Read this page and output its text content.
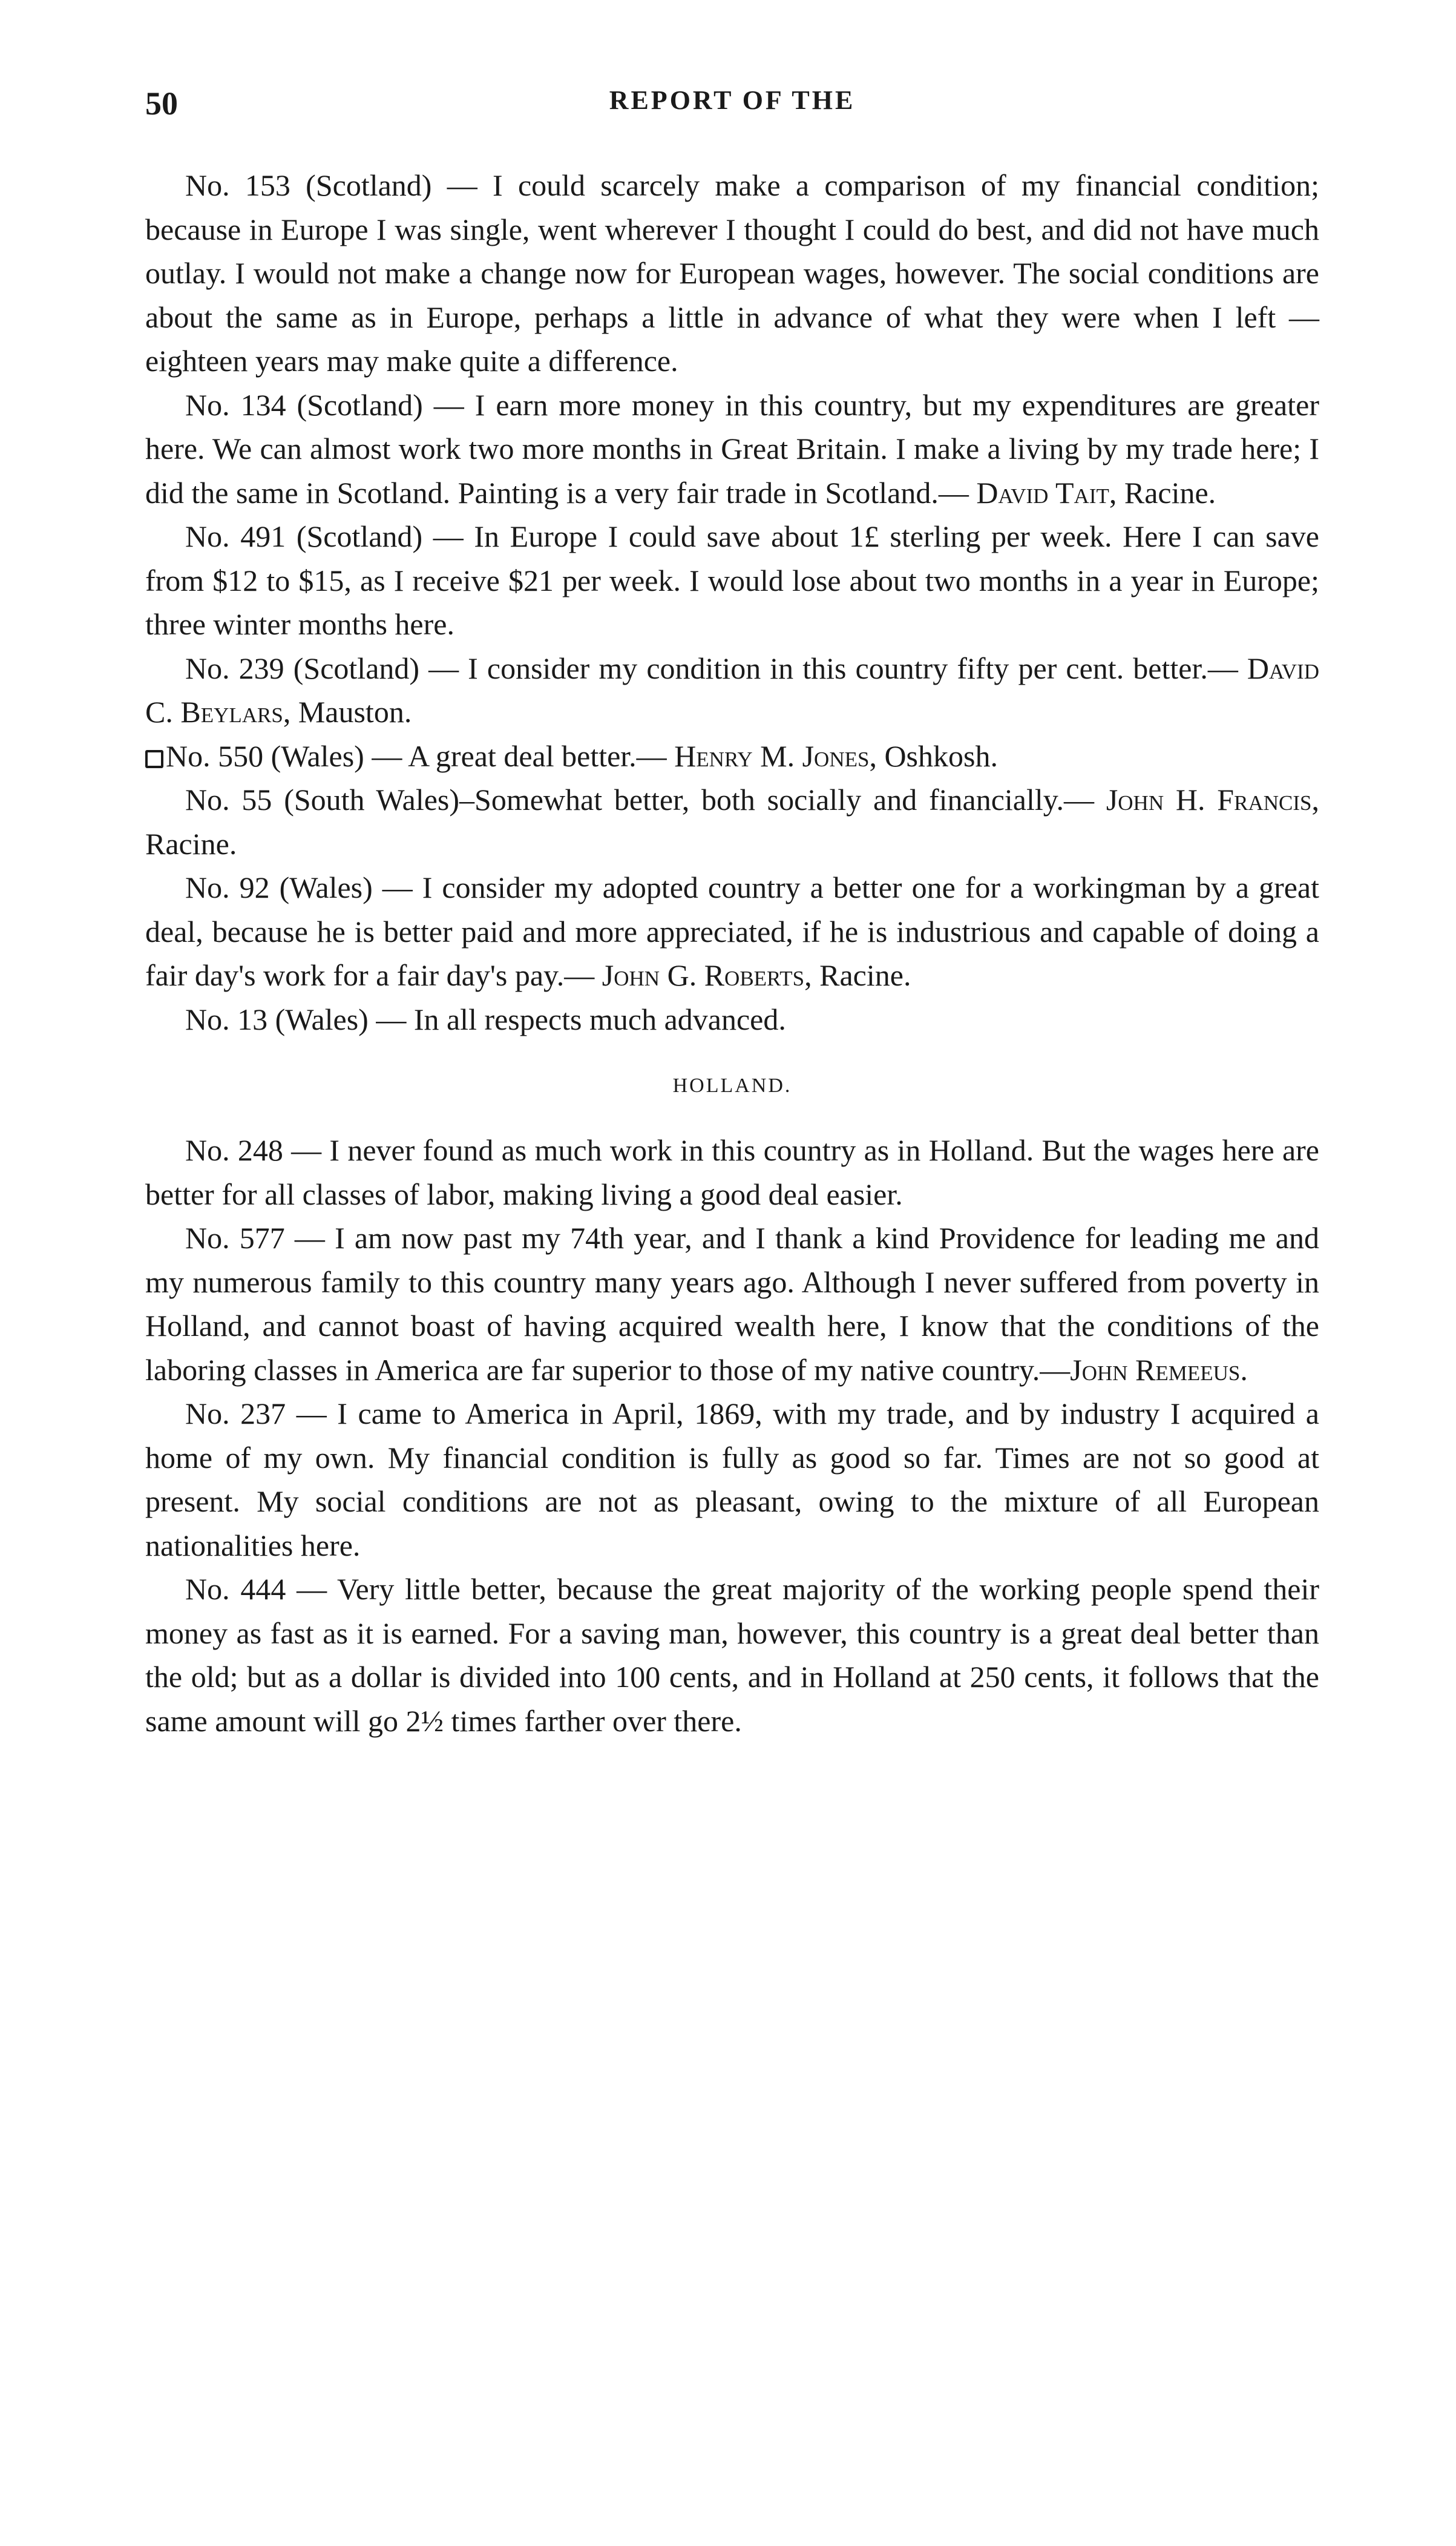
50	REPORT OF THE

No. 153 (Scotland) — I could scarcely make a comparison of my financial condition; because in Europe I was single, went wherever I thought I could do best, and did not have much outlay. I would not make a change now for European wages, however. The social conditions are about the same as in Europe, perhaps a little in advance of what they were when I left — eighteen years may make quite a difference.

No. 134 (Scotland) — I earn more money in this country, but my expenditures are greater here. We can almost work two more months in Great Britain. I make a living by my trade here; I did the same in Scotland. Painting is a very fair trade in Scotland.— David Tait, Racine.

No. 491 (Scotland) — In Europe I could save about 1£ sterling per week. Here I can save from $12 to $15, as I receive $21 per week. I would lose about two months in a year in Europe; three winter months here.

No. 239 (Scotland) — I consider my condition in this country fifty per cent. better.— David C. Beylars, Mauston.

No. 550 (Wales) — A great deal better.— Henry M. Jones, Oshkosh.

No. 55 (South Wales)–Somewhat better, both socially and financially.— John H. Francis, Racine.

No. 92 (Wales) — I consider my adopted country a better one for a workingman by a great deal, because he is better paid and more appreciated, if he is industrious and capable of doing a fair day's work for a fair day's pay.— John G. Roberts, Racine.

No. 13 (Wales) — In all respects much advanced.

HOLLAND.

No. 248 — I never found as much work in this country as in Holland. But the wages here are better for all classes of labor, making living a good deal easier.

No. 577 — I am now past my 74th year, and I thank a kind Providence for leading me and my numerous family to this country many years ago. Although I never suffered from poverty in Holland, and cannot boast of having acquired wealth here, I know that the conditions of the laboring classes in America are far superior to those of my native country.—John Remeeus.

No. 237 — I came to America in April, 1869, with my trade, and by industry I acquired a home of my own. My financial condition is fully as good so far. Times are not so good at present. My social conditions are not as pleasant, owing to the mixture of all European nationalities here.

No. 444 — Very little better, because the great majority of the working people spend their money as fast as it is earned. For a saving man, however, this country is a great deal better than the old; but as a dollar is divided into 100 cents, and in Holland at 250 cents, it follows that the same amount will go 2½ times farther over there.
